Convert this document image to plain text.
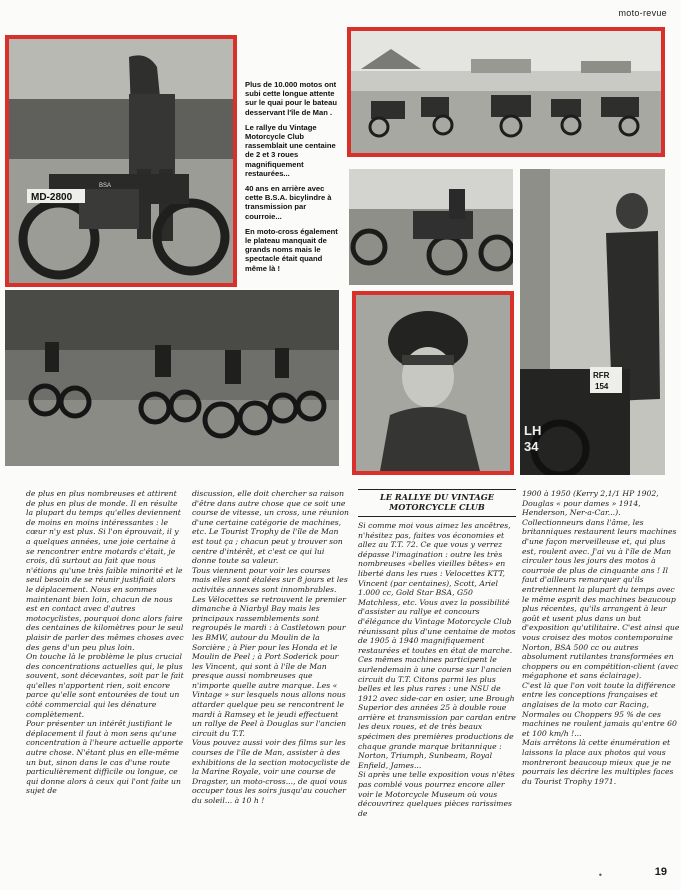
moto-revue
MD-2800
BSA

Plus de 10.000 motos ont subi cette longue attente sur le quai pour le bateau desservant l'île de Man .

Le rallye du Vintage Motorcycle Club rassemblait une centaine de 2 et 3 roues magnifiquement restaurées...

40 ans en arrière avec cette B.S.A. bicylindre à transmission par courroie...

En moto-cross également le plateau manquait de grands noms mais le spectacle était quand même là !

RFR
154
LH
34

de plus en plus nombreuses et attirent de plus en plus de monde. Il en résulte la plupart du temps qu'elles deviennent de moins en moins intéressantes : le cœur n'y est plus. Si l'on éprouvait, il y a quelques années, une joie certaine à se rencontrer entre motards c'était, je crois, dû surtout au fait que nous n'étions qu'une très faible minorité et le seul besoin de se réunir justifiait alors le déplacement. Nous en sommes maintenant bien loin, chacun de nous est en contact avec d'autres motocyclistes, pourquoi donc alors faire des centaines de kilomètres pour le seul plaisir de parler des mêmes choses avec des gens d'un peu plus loin.

On touche là le problème le plus crucial des concentrations actuelles qui, le plus souvent, sont décevantes, soit par le fait qu'elles n'apportent rien, soit encore parce qu'elle sont entourées de tout un côté commercial qui les dénature complètement.

Pour présenter un intérêt justifiant le déplacement il faut à mon sens qu'une concentration à l'heure actuelle apporte autre chose. N'étant plus en elle-même un but, sinon dans le cas d'une route particulièrement difficile ou longue, ce qui donne alors à ceux qui l'ont faite un sujet de

discussion, elle doit chercher sa raison d'être dans autre chose que ce soit une course de vitesse, un cross, une réunion d'une certaine catégorie de machines, etc. Le Tourist Trophy de l'île de Man est tout ça ; chacun peut y trouver son centre d'intérêt, et c'est ce qui lui donne toute sa valeur.

Tous viennent pour voir les courses mais elles sont étalées sur 8 jours et les activités annexes sont innombrables. Les Vélocettes se retrouvent le premier dimanche à Niarbyl Bay mais les principaux rassemblements sont regroupés le mardi : à Castletown pour les BMW, autour du Moulin de la Sorcière ; à Pier pour les Honda et le Moulin de Peel ; à Port Soderick pour les Vincent, qui sont à l'île de Man presque aussi nombreuses que n'importe quelle autre marque. Les « Vintage » sur lesquels nous allons nous attarder quelque peu se rencontrent le mardi à Ramsey et le jeudi effectuent un rallye de Peel à Douglas sur l'ancien circuit du T.T.

Vous pouvez aussi voir des films sur les courses de l'île de Man, assister à des exhibitions de la section motocycliste de la Marine Royale, voir une course de Dragster, un moto-cross..., de quoi vous occuper tous les soirs jusqu'au coucher du soleil... à 10 h !

LE RALLYE DU VINTAGE
MOTORCYCLE CLUB

Si comme moi vous aimez les ancêtres, n'hésitez pas, faites vos économies et allez au T.T. 72. Ce que vous y verrez dépasse l'imagination : outre les très nombreuses «belles vieilles bêtes» en liberté dans les rues : Velocettes KTT, Vincent (par centaines), Scott, Ariel 1.000 cc, Gold Star BSA, G50 Matchless, etc. Vous avez la possibilité d'assister au rallye et concours d'élégance du Vintage Motorcycle Club réunissant plus d'une centaine de motos de 1905 à 1940 magnifiquement restaurées et toutes en état de marche. Ces mêmes machines participent le surlendemain à une course sur l'ancien circuit du T.T. Citons parmi les plus belles et les plus rares : une NSU de 1912 avec side-car en osier, une Brough Superior des années 25 à double roue arrière et transmission par cardan entre les deux roues, et de très beaux spécimen des premières productions de chaque grande marque britannique : Norton, Triumph, Sunbeam, Royal Enfield, James...

Si après une telle exposition vous n'êtes pas comblé vous pourrez encore aller voir le Motorcycle Museum où vous découvrirez quelques pièces rarissimes de

1900 à 1950 (Kerry 2,1/1 HP 1902, Douglas « pour dames » 1914, Henderson, Ner-a-Car...). Collectionneurs dans l'âme, les britanniques restaurent leurs machines d'une façon merveilleuse et, qui plus est, roulent avec. J'ai vu à l'île de Man circuler tous les jours des motos à courroie de plus de cinquante ans ! Il faut d'ailleurs remarquer qu'ils entretiennent la plupart du temps avec le même esprit des machines beaucoup plus récentes, qu'ils arrangent à leur goût et usent plus dans un but d'exposition qu'utilitaire. C'est ainsi que vous croisez des motos contemporaine Norton, BSA 500 cc ou autres absolument rutilantes transformées en choppers ou en compétition-client (avec mégaphone et sans éclairage).

C'est là que l'on voit toute la différence entre les conceptions françaises et anglaises de la moto car Racing, Normales ou Choppers 95 % de ces machines ne roulent jamais qu'entre 60 et 100 km/h !...

Mais arrêtons là cette énumération et laissons la place aux photos qui vous montreront beaucoup mieux que je ne pourrais les décrire les multiples faces du Tourist Trophy 1971.

•	19
